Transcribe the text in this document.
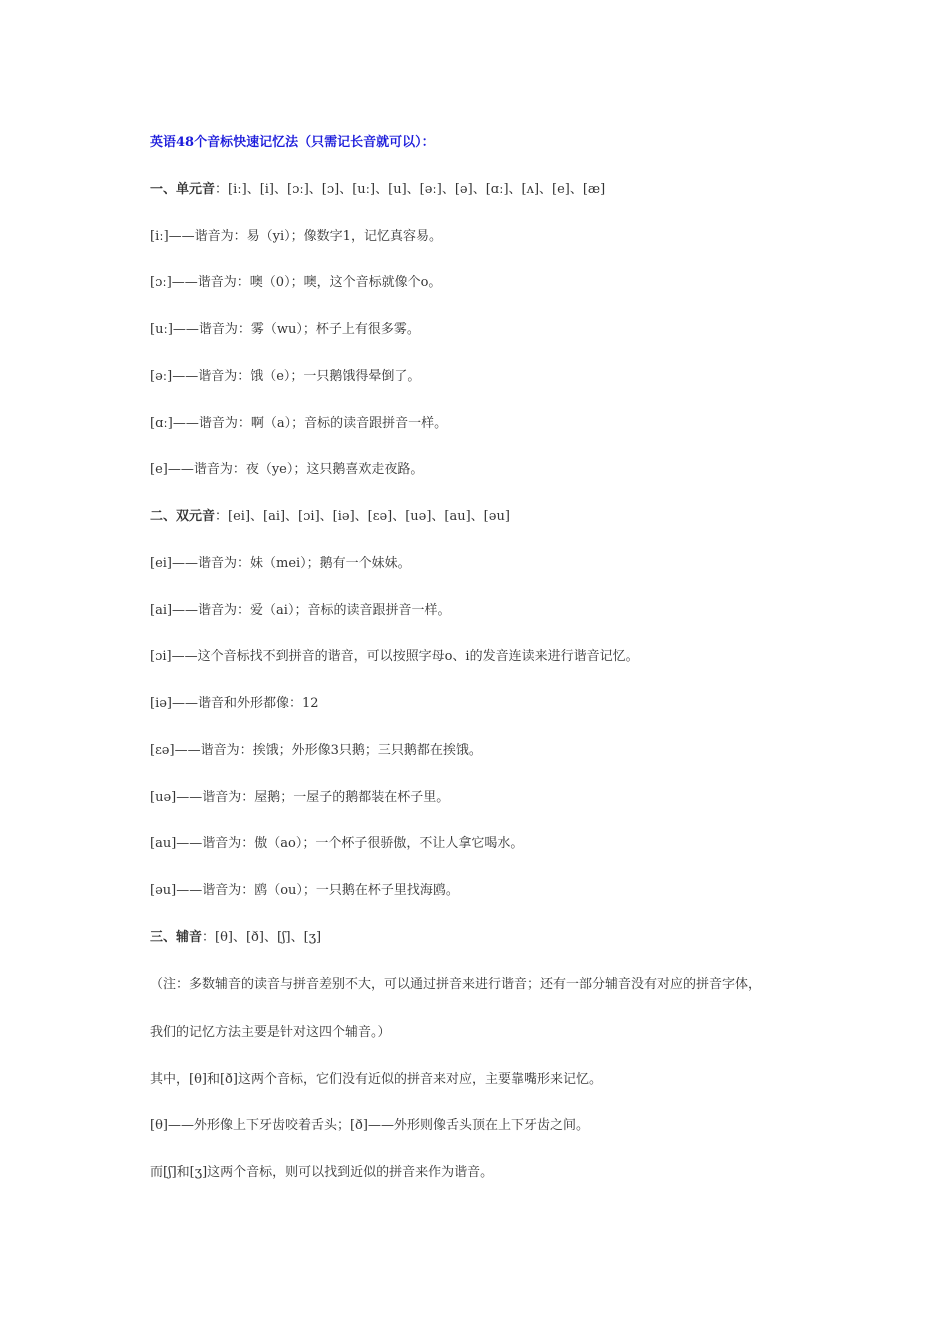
英语48个音标快速记忆法（只需记长音就可以）：
一、单元音：[iː]、[i]、[ɔː]、[ɔ]、[uː]、[u]、[əː]、[ə]、[ɑː]、[ʌ]、[e]、[æ]
[iː]——谐音为：易（yi）；像数字1，记忆真容易。
[ɔː]——谐音为：噢（0）；噢，这个音标就像个o。
[uː]——谐音为：雾（wu）；杯子上有很多雾。
[əː]——谐音为：饿（e）；一只鹅饿得晕倒了。
[ɑː]——谐音为：啊（a）；音标的读音跟拼音一样。
[e]——谐音为：夜（ye）；这只鹅喜欢走夜路。
二、双元音：[ei]、[ai]、[ɔi]、[iə]、[ɛə]、[uə]、[au]、[əu]
[ei]——谐音为：妹（mei）；鹅有一个妹妹。
[ai]——谐音为：爱（ai）；音标的读音跟拼音一样。
[ɔi]——这个音标找不到拼音的谐音，可以按照字母o、i的发音连读来进行谐音记忆。
[iə]——谐音和外形都像：12
[ɛə]——谐音为：挨饿；外形像3只鹅；三只鹅都在挨饿。
[uə]——谐音为：屋鹅；一屋子的鹅都装在杯子里。
[au]——谐音为：傲（ao）；一个杯子很骄傲，不让人拿它喝水。
[əu]——谐音为：鸥（ou）；一只鹅在杯子里找海鸥。
三、辅音：[θ]、[ð]、[ʃ]、[ʒ]
（注：多数辅音的读音与拼音差别不大，可以通过拼音来进行谐音；还有一部分辅音没有对应的拼音字体，
我们的记忆方法主要是针对这四个辅音。）
其中，[θ]和[ð]这两个音标，它们没有近似的拼音来对应，主要靠嘴形来记忆。
[θ]——外形像上下牙齿咬着舌头；[ð]——外形则像舌头顶在上下牙齿之间。
而[ʃ]和[ʒ]这两个音标，则可以找到近似的拼音来作为谐音。
